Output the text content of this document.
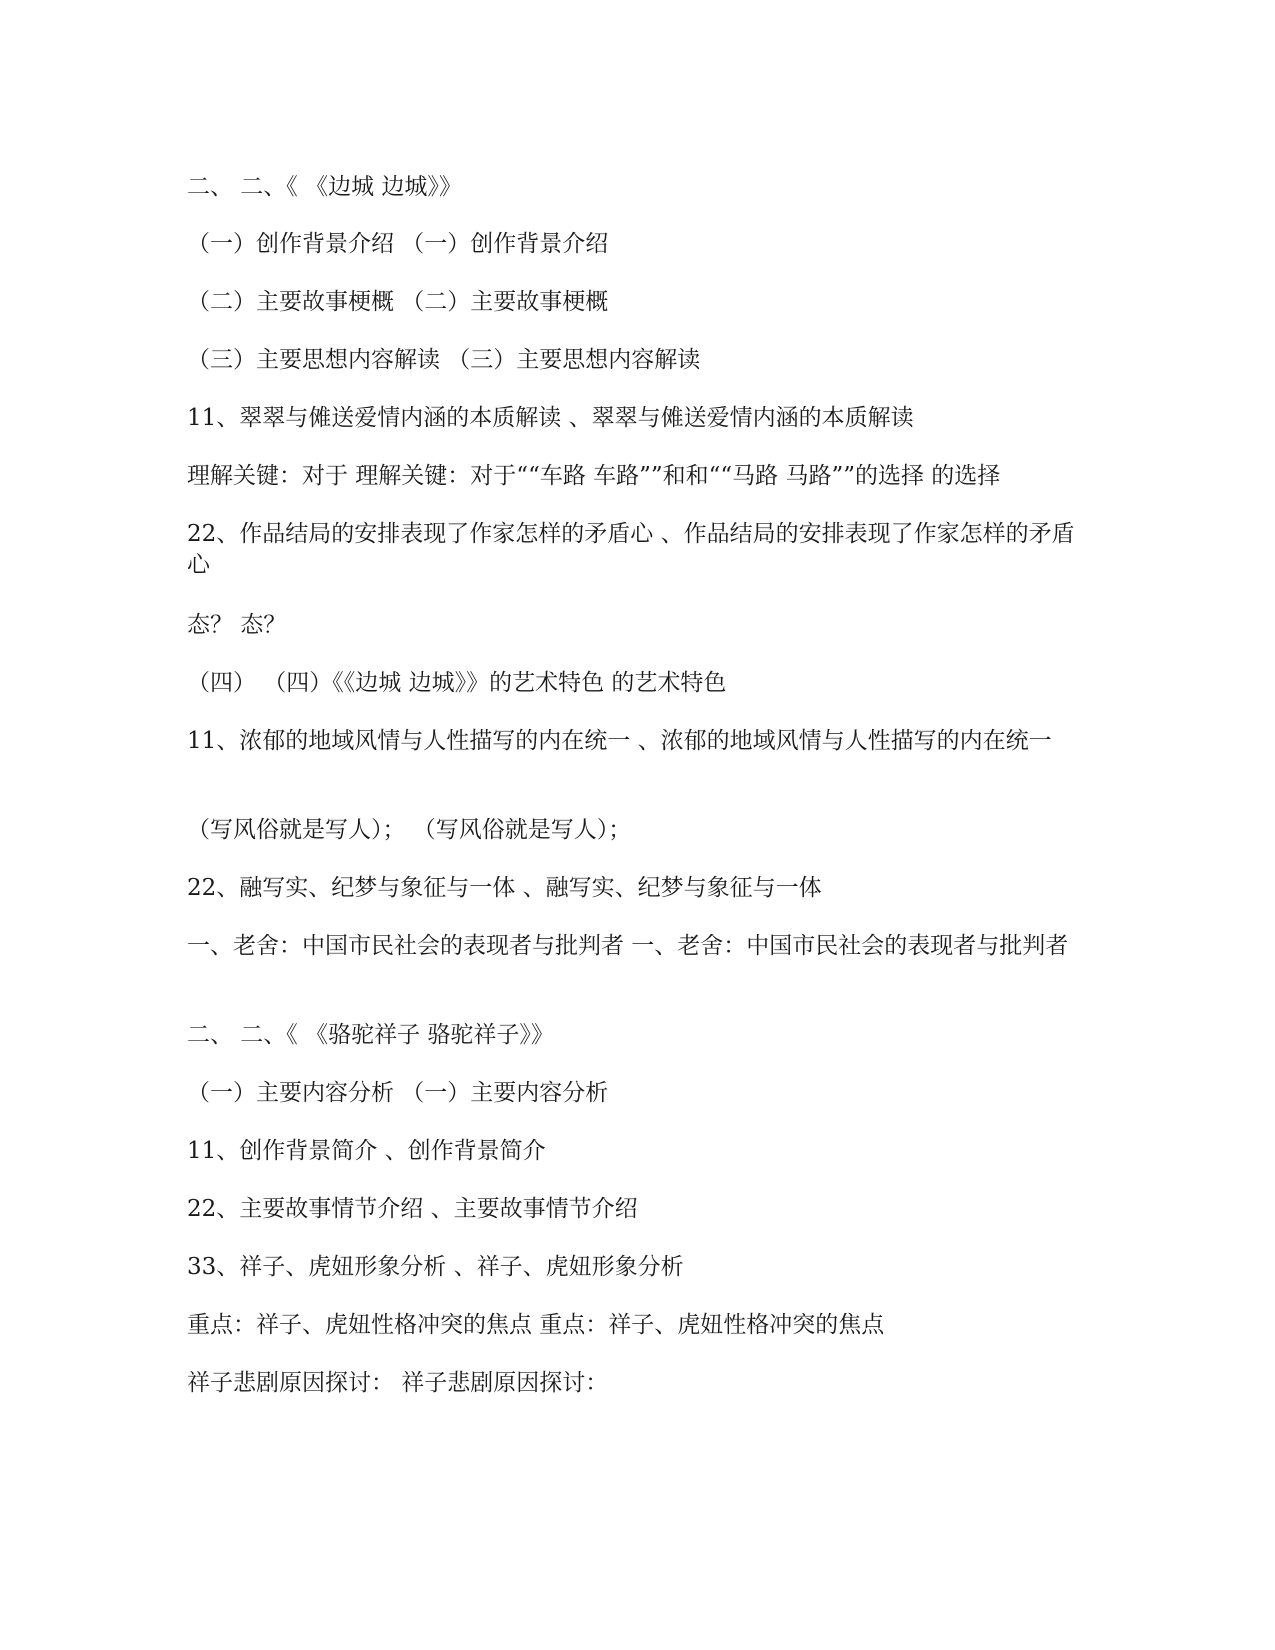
二、 二、《 《边城 边城》》

（一）创作背景介绍 （一）创作背景介绍

（二）主要故事梗概 （二）主要故事梗概

（三）主要思想内容解读 （三）主要思想内容解读

11、翠翠与傩送爱情内涵的本质解读 、翠翠与傩送爱情内涵的本质解读

理解关键：对于 理解关键：对于““车路 车路””和和““马路 马路””的选择 的选择

22、作品结局的安排表现了作家怎样的矛盾心 、作品结局的安排表现了作家怎样的矛盾心

态？ 态？

（四） （四）《《边城 边城》》的艺术特色 的艺术特色

11、浓郁的地域风情与人性描写的内在统一 、浓郁的地域风情与人性描写的内在统一

（写风俗就是写人）； （写风俗就是写人）；

22、融写实、纪梦与象征与一体 、融写实、纪梦与象征与一体

一、老舍：中国市民社会的表现者与批判者 一、老舍：中国市民社会的表现者与批判者

二、 二、《 《骆驼祥子 骆驼祥子》》

（一）主要内容分析 （一）主要内容分析

11、创作背景简介 、创作背景简介

22、主要故事情节介绍 、主要故事情节介绍

33、祥子、虎妞形象分析 、祥子、虎妞形象分析

重点：祥子、虎妞性格冲突的焦点 重点：祥子、虎妞性格冲突的焦点

祥子悲剧原因探讨： 祥子悲剧原因探讨：
